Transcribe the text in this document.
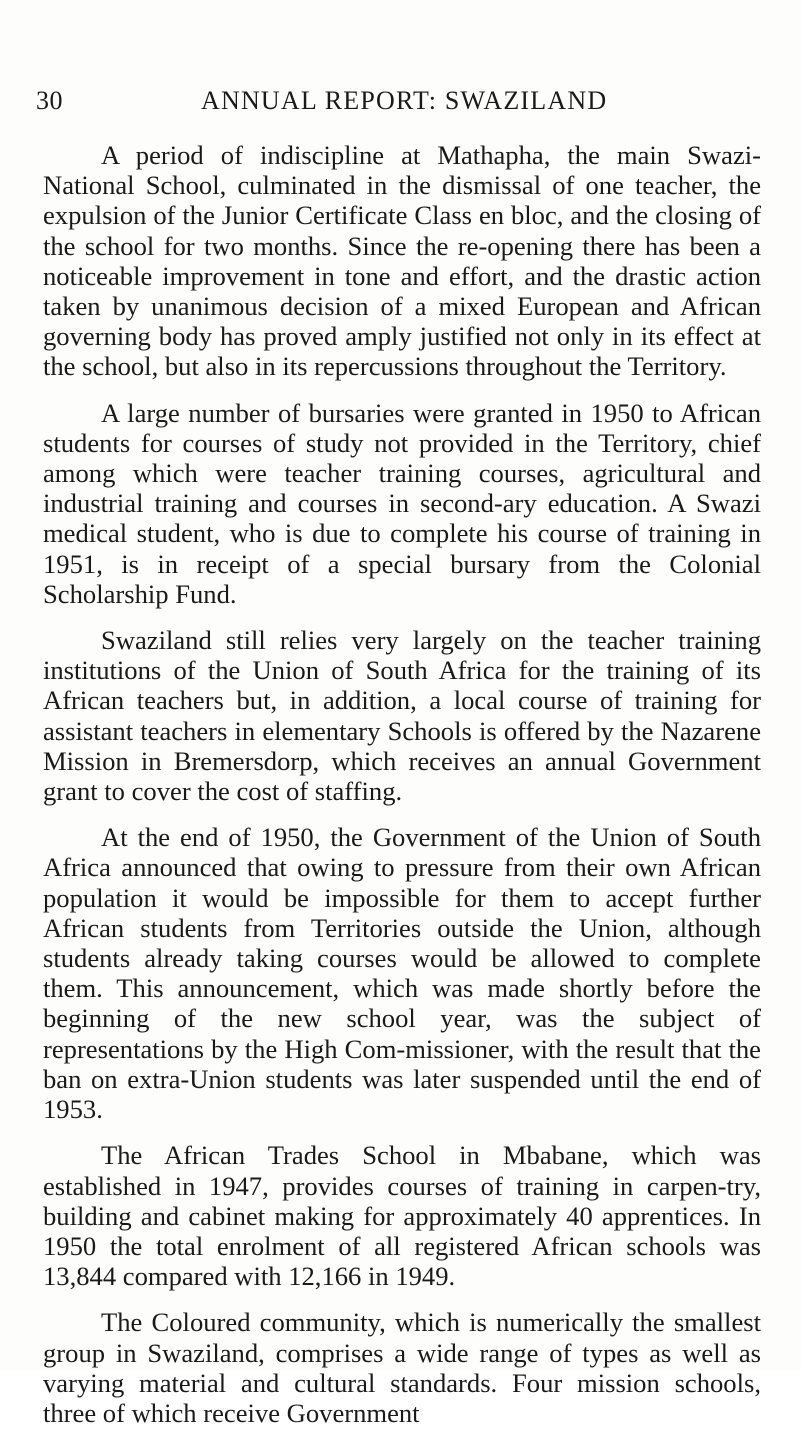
30	ANNUAL REPORT: SWAZILAND

A period of indiscipline at Mathapha, the main Swazi-National School, culminated in the dismissal of one teacher, the expulsion of the Junior Certificate Class en bloc, and the closing of the school for two months. Since the re-opening there has been a noticeable improvement in tone and effort, and the drastic action taken by unanimous decision of a mixed European and African governing body has proved amply justified not only in its effect at the school, but also in its repercussions throughout the Territory.

A large number of bursaries were granted in 1950 to African students for courses of study not provided in the Territory, chief among which were teacher training courses, agricultural and industrial training and courses in second-ary education. A Swazi medical student, who is due to complete his course of training in 1951, is in receipt of a special bursary from the Colonial Scholarship Fund.

Swaziland still relies very largely on the teacher training institutions of the Union of South Africa for the training of its African teachers but, in addition, a local course of training for assistant teachers in elementary Schools is offered by the Nazarene Mission in Bremersdorp, which receives an annual Government grant to cover the cost of staffing.

At the end of 1950, the Government of the Union of South Africa announced that owing to pressure from their own African population it would be impossible for them to accept further African students from Territories outside the Union, although students already taking courses would be allowed to complete them. This announcement, which was made shortly before the beginning of the new school year, was the subject of representations by the High Com-missioner, with the result that the ban on extra-Union students was later suspended until the end of 1953.

The African Trades School in Mbabane, which was established in 1947, provides courses of training in carpen-try, building and cabinet making for approximately 40 apprentices. In 1950 the total enrolment of all registered African schools was 13,844 compared with 12,166 in 1949.

The Coloured community, which is numerically the smallest group in Swaziland, comprises a wide range of types as well as varying material and cultural standards. Four mission schools, three of which receive Government
